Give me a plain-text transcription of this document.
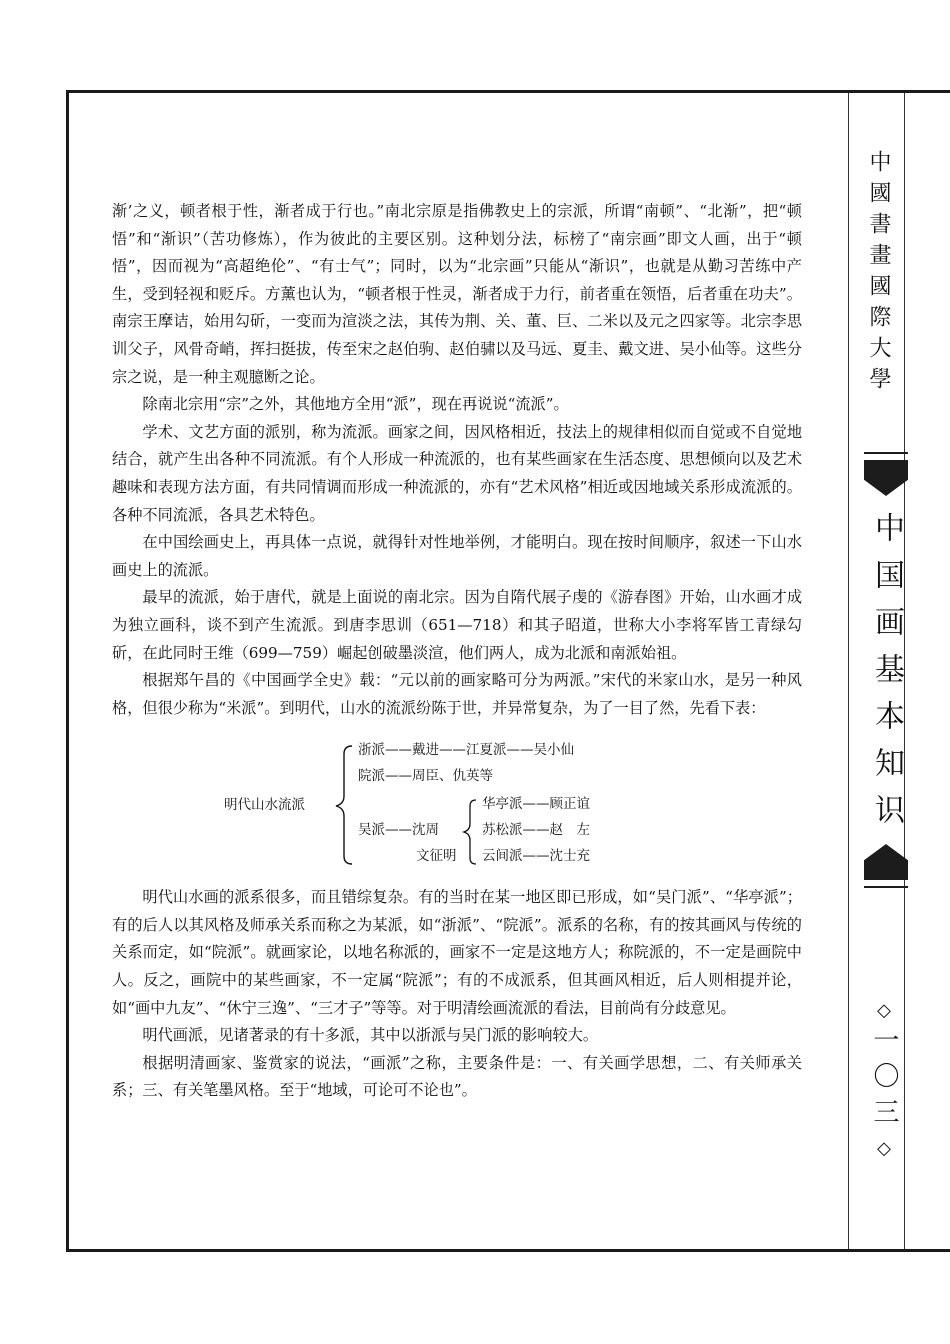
中國書畫國際大學
中国画基本知识
◇
一〇三
◇

渐’之义，顿者根于性，渐者成于行也。”南北宗原是指佛教史上的宗派，所谓“南顿”、“北渐”，把“顿悟”和“渐识”（苦功修炼），作为彼此的主要区别。这种划分法，标榜了“南宗画”即文人画，出于“顿悟”，因而视为“高超绝伦”、“有士气”；同时，以为“北宗画”只能从“渐识”，也就是从勤习苦练中产生，受到轻视和贬斥。方薰也认为，“顿者根于性灵，渐者成于力行，前者重在领悟，后者重在功夫”。南宗王摩诘，始用勾斫，一变而为渲淡之法，其传为荆、关、董、巨、二米以及元之四家等。北宗李思训父子，风骨奇峭，挥扫挺拔，传至宋之赵伯驹、赵伯骕以及马远、夏圭、戴文进、吴小仙等。这些分宗之说，是一种主观臆断之论。

除南北宗用“宗”之外，其他地方全用“派”，现在再说说“流派”。

学术、文艺方面的派别，称为流派。画家之间，因风格相近，技法上的规律相似而自觉或不自觉地结合，就产生出各种不同流派。有个人形成一种流派的，也有某些画家在生活态度、思想倾向以及艺术趣味和表现方法方面，有共同情调而形成一种流派的，亦有“艺术风格”相近或因地域关系形成流派的。各种不同流派，各具艺术特色。

在中国绘画史上，再具体一点说，就得针对性地举例，才能明白。现在按时间顺序，叙述一下山水画史上的流派。

最早的流派，始于唐代，就是上面说的南北宗。因为自隋代展子虔的《游春图》开始，山水画才成为独立画科，谈不到产生流派。到唐李思训（651—718）和其子昭道，世称大小李将军皆工青绿勾斫，在此同时王维（699—759）崛起创破墨淡渲，他们两人，成为北派和南派始祖。

根据郑午昌的《中国画学全史》载：“元以前的画家略可分为两派。”宋代的米家山水，是另一种风格，但很少称为“米派”。到明代，山水的流派纷陈于世，并异常复杂，为了一目了然，先看下表：

明代山水流派
浙派——戴进——江夏派——吴小仙
院派——周臣、仇英等
吴派——沈周
文征明
华亭派——顾正谊
苏松派——赵　左
云间派——沈士充

明代山水画的派系很多，而且错综复杂。有的当时在某一地区即已形成，如“吴门派”、“华亭派”；有的后人以其风格及师承关系而称之为某派，如“浙派”、“院派”。派系的名称，有的按其画风与传统的关系而定，如“院派”。就画家论，以地名称派的，画家不一定是这地方人；称院派的，不一定是画院中人。反之，画院中的某些画家，不一定属“院派”；有的不成派系，但其画风相近，后人则相提并论，如“画中九友”、“休宁三逸”、“三才子”等等。对于明清绘画流派的看法，目前尚有分歧意见。

明代画派，见诸著录的有十多派，其中以浙派与吴门派的影响较大。

根据明清画家、鉴赏家的说法，“画派”之称，主要条件是：一、有关画学思想，二、有关师承关系；三、有关笔墨风格。至于“地域，可论可不论也”。
